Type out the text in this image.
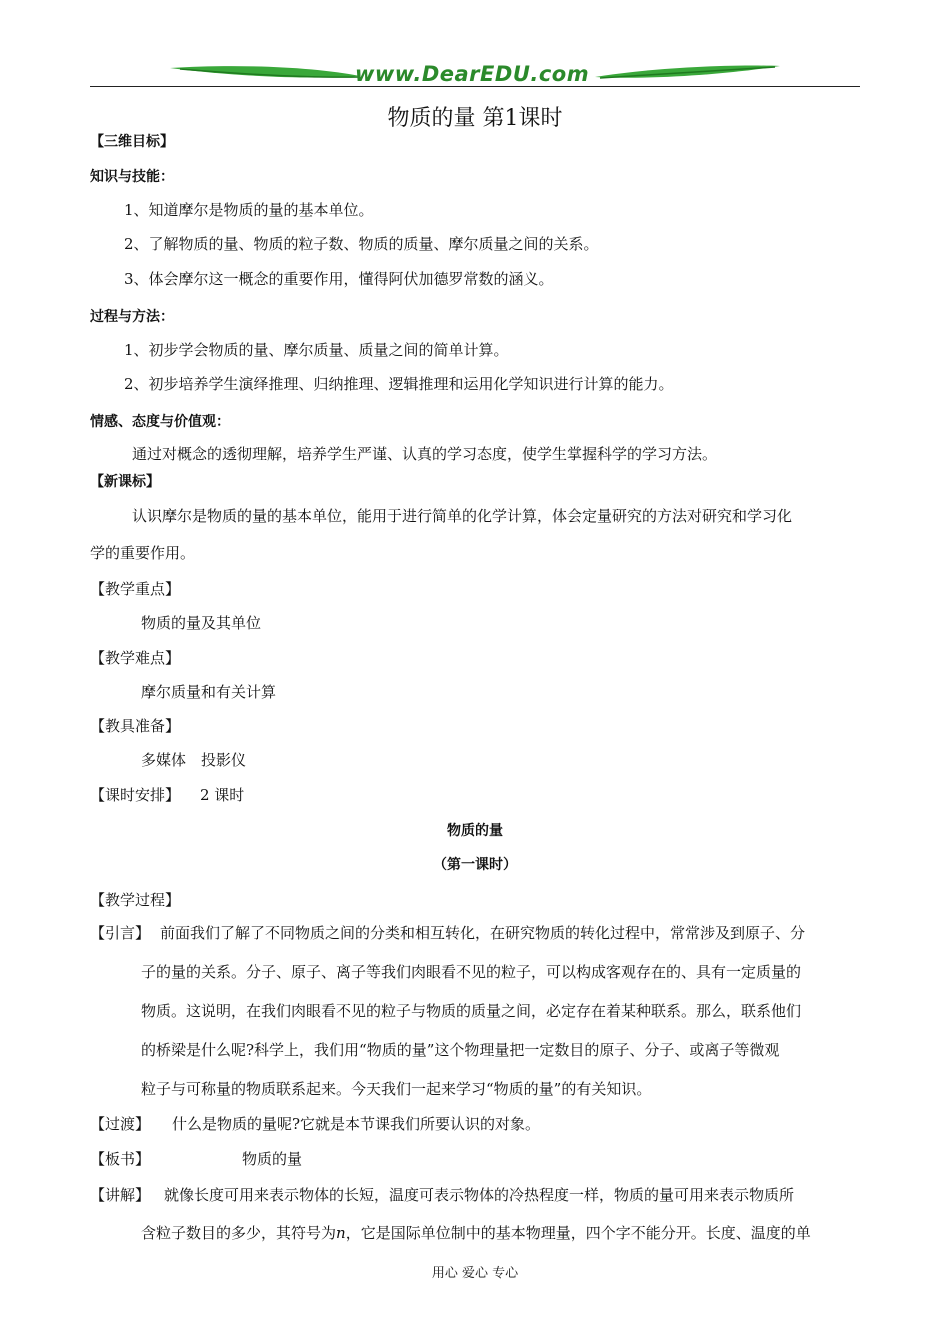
www.DearEDU.com
物质的量 第1课时
【三维目标】
知识与技能：
1、知道摩尔是物质的量的基本单位。
2、了解物质的量、物质的粒子数、物质的质量、摩尔质量之间的关系。
3、体会摩尔这一概念的重要作用，懂得阿伏加德罗常数的涵义。
过程与方法：
1、初步学会物质的量、摩尔质量、质量之间的简单计算。
2、初步培养学生演绎推理、归纳推理、逻辑推理和运用化学知识进行计算的能力。
情感、态度与价值观：
通过对概念的透彻理解，培养学生严谨、认真的学习态度，使学生掌握科学的学习方法。
【新课标】
认识摩尔是物质的量的基本单位，能用于进行简单的化学计算，体会定量研究的方法对研究和学习化
学的重要作用。
【教学重点】
物质的量及其单位
【教学难点】
摩尔质量和有关计算
【教具准备】
多媒体　投影仪
【课时安排】 2 课时
物质的量
（第一课时）
【教学过程】
【引言】 前面我们了解了不同物质之间的分类和相互转化，在研究物质的转化过程中，常常涉及到原子、分
子的量的关系。分子、原子、离子等我们肉眼看不见的粒子，可以构成客观存在的、具有一定质量的
物质。这说明，在我们肉眼看不见的粒子与物质的质量之间，必定存在着某种联系。那么，联系他们
的桥梁是什么呢?科学上，我们用“物质的量”这个物理量把一定数目的原子、分子、或离子等微观
粒子与可称量的物质联系起来。今天我们一起来学习“物质的量”的有关知识。
【过渡】 什么是物质的量呢?它就是本节课我们所要认识的对象。
【板书】	物质的量
【讲解】 就像长度可用来表示物体的长短，温度可表示物体的冷热程度一样，物质的量可用来表示物质所
含粒子数目的多少，其符号为n，它是国际单位制中的基本物理量，四个字不能分开。长度、温度的单
用心 爱心 专心
